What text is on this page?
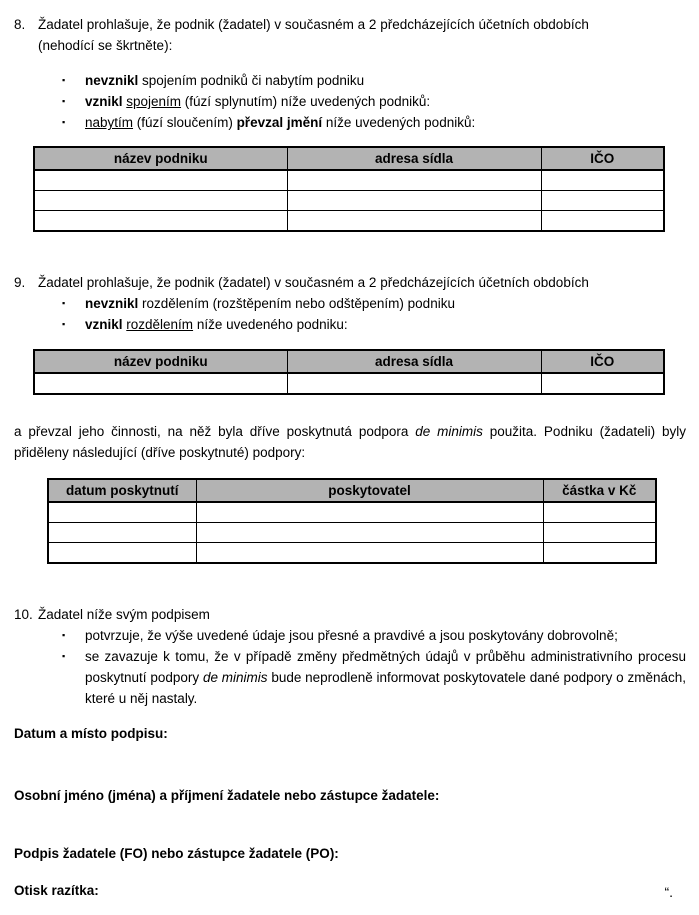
8. Žadatel prohlašuje, že podnik (žadatel) v současném a 2 předcházejících účetních obdobích
(nehodící se škrtněte):
▪	nevznikl spojením podniků či nabytím podniku
▪	vznikl spojením (fúzí splynutím) níže uvedených podniků:
▪	nabytím (fúzí sloučením) převzal jmění níže uvedených podniků:
název podniku	adresa sídla	IČO

9. Žadatel prohlašuje, že podnik (žadatel) v současném a 2 předcházejících účetních obdobích
▪	nevznikl rozdělením (rozštěpením nebo odštěpením) podniku
▪	vznikl rozdělením níže uvedeného podniku:
název podniku	adresa sídla	IČO

a převzal jeho činnosti, na něž byla dříve poskytnutá podpora de minimis použita. Podniku (žadateli) byly přiděleny následující (dříve poskytnuté) podpory:
datum poskytnutí	poskytovatel	částka v Kč

10. Žadatel níže svým podpisem
▪	potvrzuje, že výše uvedené údaje jsou přesné a pravdivé a jsou poskytovány dobrovolně;
▪	se zavazuje k tomu, že v případě změny předmětných údajů v průběhu administrativního procesu poskytnutí podpory de minimis bude neprodleně informovat poskytovatele dané podpory o změnách, které u něj nastaly.
Datum a místo podpisu:
Osobní jméno (jména) a příjmení žadatele nebo zástupce žadatele:
Podpis žadatele (FO) nebo zástupce žadatele (PO):
Otisk razítka:	“.
